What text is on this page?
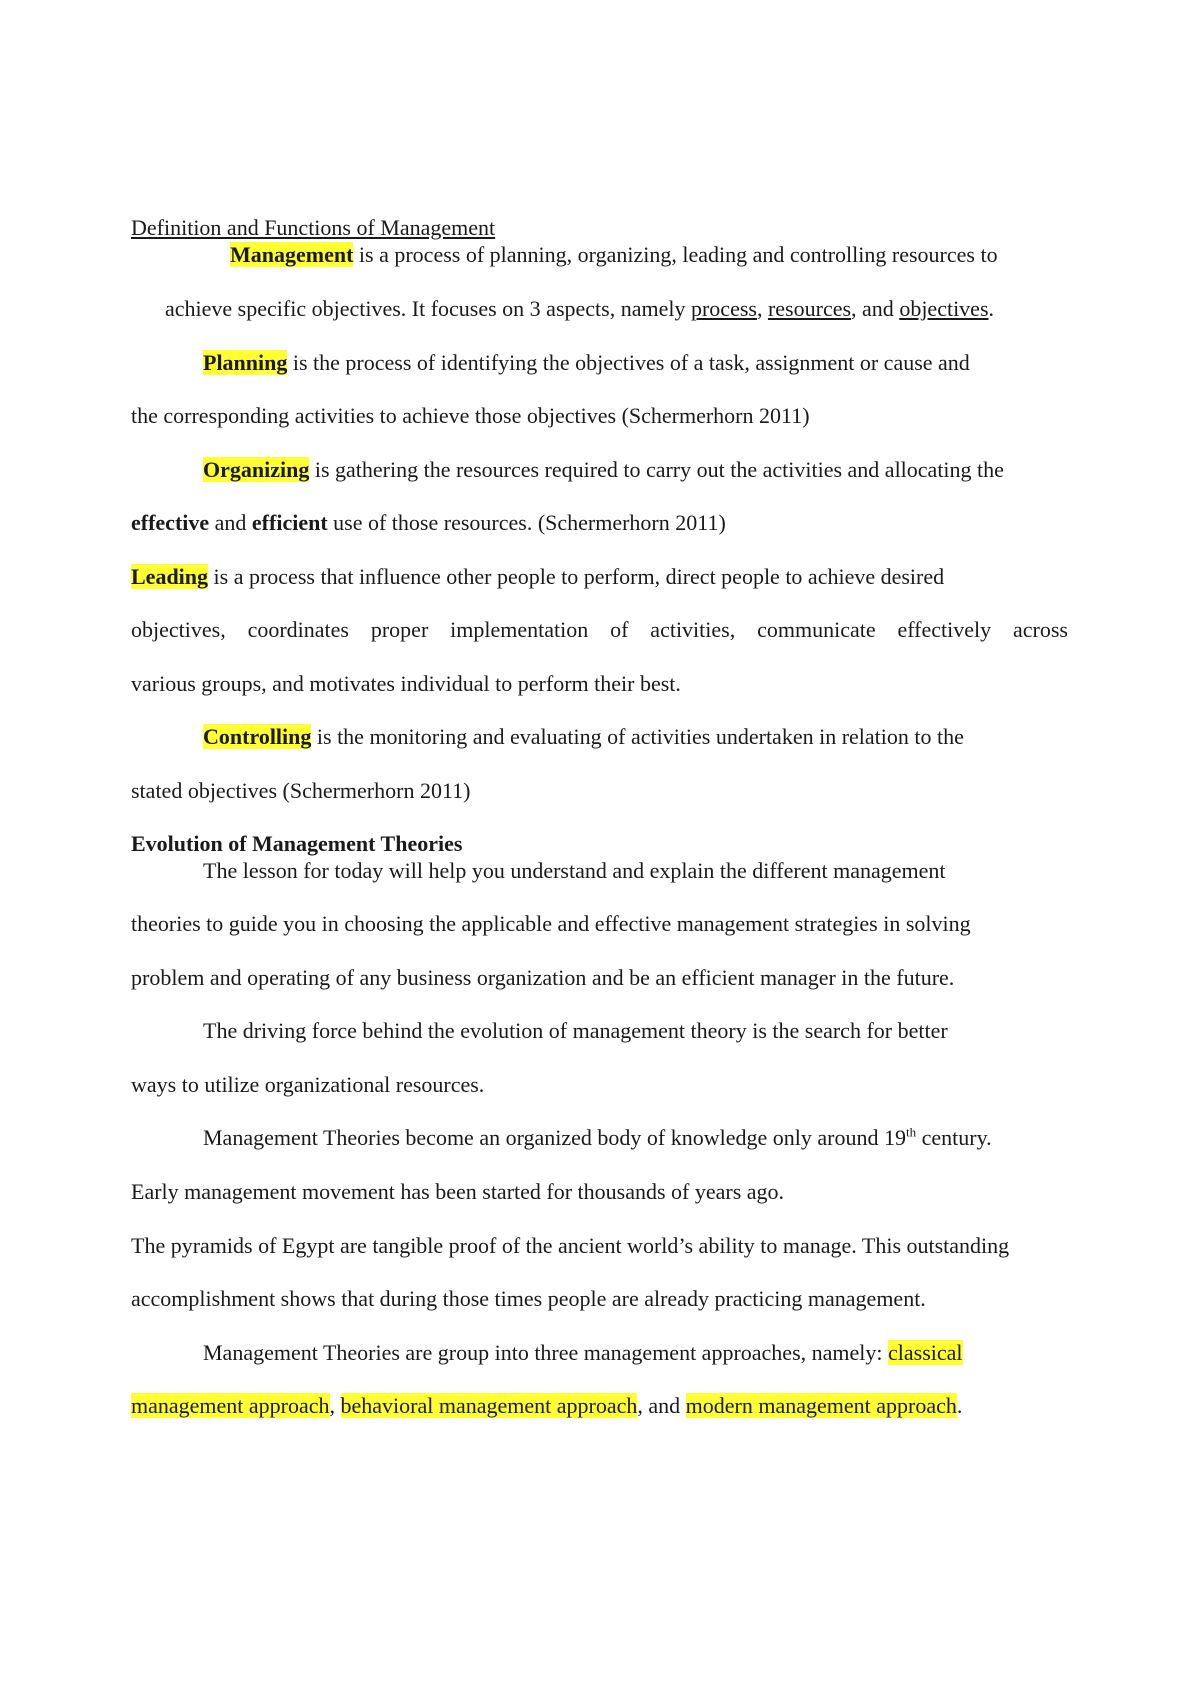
Definition and Functions of Management
Management is a process of planning, organizing, leading and controlling resources to
achieve specific objectives. It focuses on 3 aspects, namely process, resources, and objectives.
Planning is the process of identifying the objectives of a task, assignment or cause and
the corresponding activities to achieve those objectives (Schermerhorn 2011)
Organizing is gathering the resources required to carry out the activities and allocating the
effective and efficient use of those resources. (Schermerhorn 2011)
Leading is a process that influence other people to perform, direct people to achieve desired
objectives, coordinates proper implementation of activities, communicate effectively across
various groups, and motivates individual to perform their best.
Controlling is the monitoring and evaluating of activities undertaken in relation to the
stated objectives (Schermerhorn 2011)
Evolution of Management Theories
The lesson for today will help you understand and explain the different management
theories to guide you in choosing the applicable and effective management strategies in solving
problem and operating of any business organization and be an efficient manager in the future.
The driving force behind the evolution of management theory is the search for better
ways to utilize organizational resources.
Management Theories become an organized body of knowledge only around 19th century.
Early management movement has been started for thousands of years ago.
The pyramids of Egypt are tangible proof of the ancient world’s ability to manage. This outstanding
accomplishment shows that during those times people are already practicing management.
Management Theories are group into three management approaches, namely: classical
management approach, behavioral management approach, and modern management approach.
